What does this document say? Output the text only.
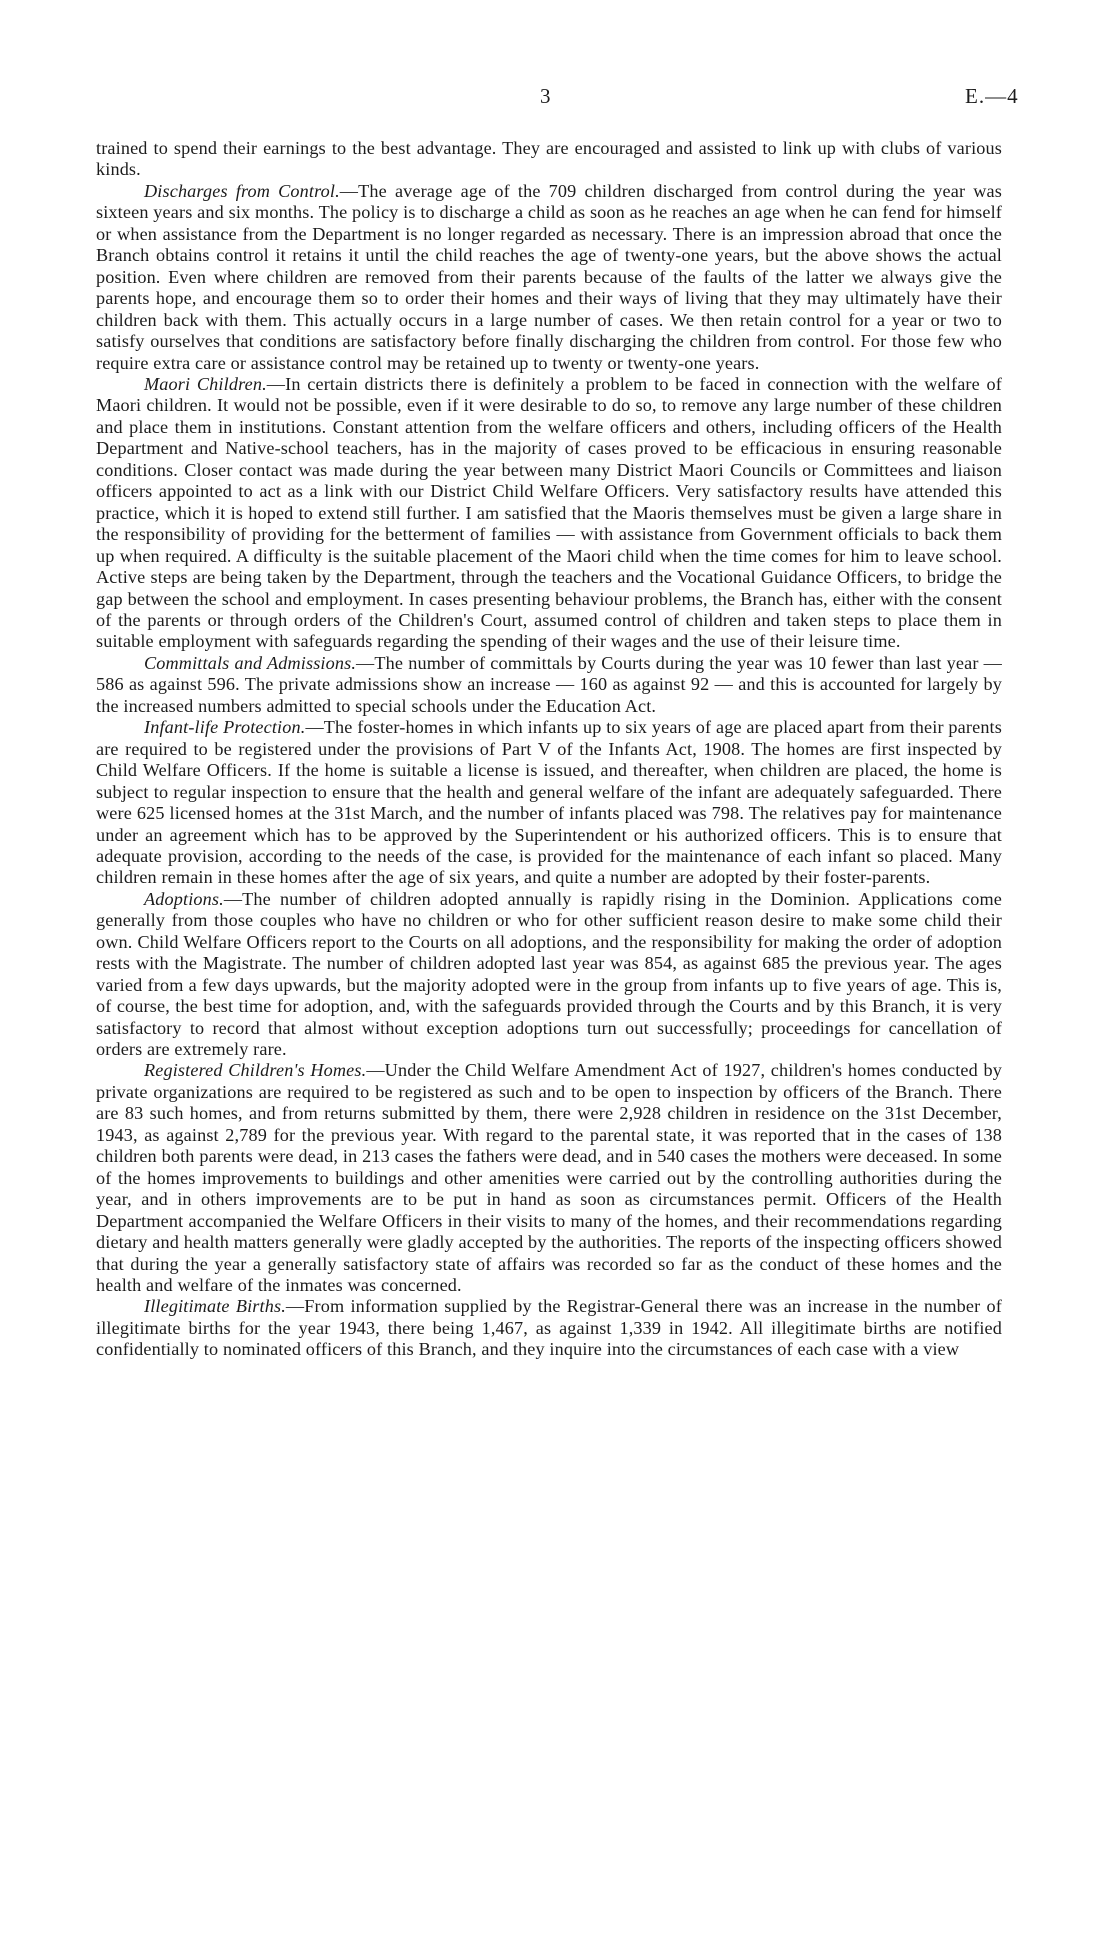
3	E.—4

trained to spend their earnings to the best advantage. They are encouraged and assisted to link up with clubs of various kinds.

Discharges from Control.—The average age of the 709 children discharged from control during the year was sixteen years and six months. The policy is to discharge a child as soon as he reaches an age when he can fend for himself or when assistance from the Department is no longer regarded as necessary. There is an impression abroad that once the Branch obtains control it retains it until the child reaches the age of twenty-one years, but the above shows the actual position. Even where children are removed from their parents because of the faults of the latter we always give the parents hope, and encourage them so to order their homes and their ways of living that they may ultimately have their children back with them. This actually occurs in a large number of cases. We then retain control for a year or two to satisfy ourselves that conditions are satisfactory before finally discharging the children from control. For those few who require extra care or assistance control may be retained up to twenty or twenty-one years.

Maori Children.—In certain districts there is definitely a problem to be faced in connection with the welfare of Maori children. It would not be possible, even if it were desirable to do so, to remove any large number of these children and place them in institutions. Constant attention from the welfare officers and others, including officers of the Health Department and Native-school teachers, has in the majority of cases proved to be efficacious in ensuring reasonable conditions. Closer contact was made during the year between many District Maori Councils or Committees and liaison officers appointed to act as a link with our District Child Welfare Officers. Very satisfactory results have attended this practice, which it is hoped to extend still further. I am satisfied that the Maoris themselves must be given a large share in the responsibility of providing for the betterment of families — with assistance from Government officials to back them up when required. A difficulty is the suitable placement of the Maori child when the time comes for him to leave school. Active steps are being taken by the Department, through the teachers and the Vocational Guidance Officers, to bridge the gap between the school and employment. In cases presenting behaviour problems, the Branch has, either with the consent of the parents or through orders of the Children's Court, assumed control of children and taken steps to place them in suitable employment with safeguards regarding the spending of their wages and the use of their leisure time.

Committals and Admissions.—The number of committals by Courts during the year was 10 fewer than last year — 586 as against 596. The private admissions show an increase — 160 as against 92 — and this is accounted for largely by the increased numbers admitted to special schools under the Education Act.

Infant-life Protection.—The foster-homes in which infants up to six years of age are placed apart from their parents are required to be registered under the provisions of Part V of the Infants Act, 1908. The homes are first inspected by Child Welfare Officers. If the home is suitable a license is issued, and thereafter, when children are placed, the home is subject to regular inspection to ensure that the health and general welfare of the infant are adequately safeguarded. There were 625 licensed homes at the 31st March, and the number of infants placed was 798. The relatives pay for maintenance under an agreement which has to be approved by the Superintendent or his authorized officers. This is to ensure that adequate provision, according to the needs of the case, is provided for the maintenance of each infant so placed. Many children remain in these homes after the age of six years, and quite a number are adopted by their foster-parents.

Adoptions.—The number of children adopted annually is rapidly rising in the Dominion. Applications come generally from those couples who have no children or who for other sufficient reason desire to make some child their own. Child Welfare Officers report to the Courts on all adoptions, and the responsibility for making the order of adoption rests with the Magistrate. The number of children adopted last year was 854, as against 685 the previous year. The ages varied from a few days upwards, but the majority adopted were in the group from infants up to five years of age. This is, of course, the best time for adoption, and, with the safeguards provided through the Courts and by this Branch, it is very satisfactory to record that almost without exception adoptions turn out successfully; proceedings for cancellation of orders are extremely rare.

Registered Children's Homes.—Under the Child Welfare Amendment Act of 1927, children's homes conducted by private organizations are required to be registered as such and to be open to inspection by officers of the Branch. There are 83 such homes, and from returns submitted by them, there were 2,928 children in residence on the 31st December, 1943, as against 2,789 for the previous year. With regard to the parental state, it was reported that in the cases of 138 children both parents were dead, in 213 cases the fathers were dead, and in 540 cases the mothers were deceased. In some of the homes improvements to buildings and other amenities were carried out by the controlling authorities during the year, and in others improvements are to be put in hand as soon as circumstances permit. Officers of the Health Department accompanied the Welfare Officers in their visits to many of the homes, and their recommendations regarding dietary and health matters generally were gladly accepted by the authorities. The reports of the inspecting officers showed that during the year a generally satisfactory state of affairs was recorded so far as the conduct of these homes and the health and welfare of the inmates was concerned.

Illegitimate Births.—From information supplied by the Registrar-General there was an increase in the number of illegitimate births for the year 1943, there being 1,467, as against 1,339 in 1942. All illegitimate births are notified confidentially to nominated officers of this Branch, and they inquire into the circumstances of each case with a view
